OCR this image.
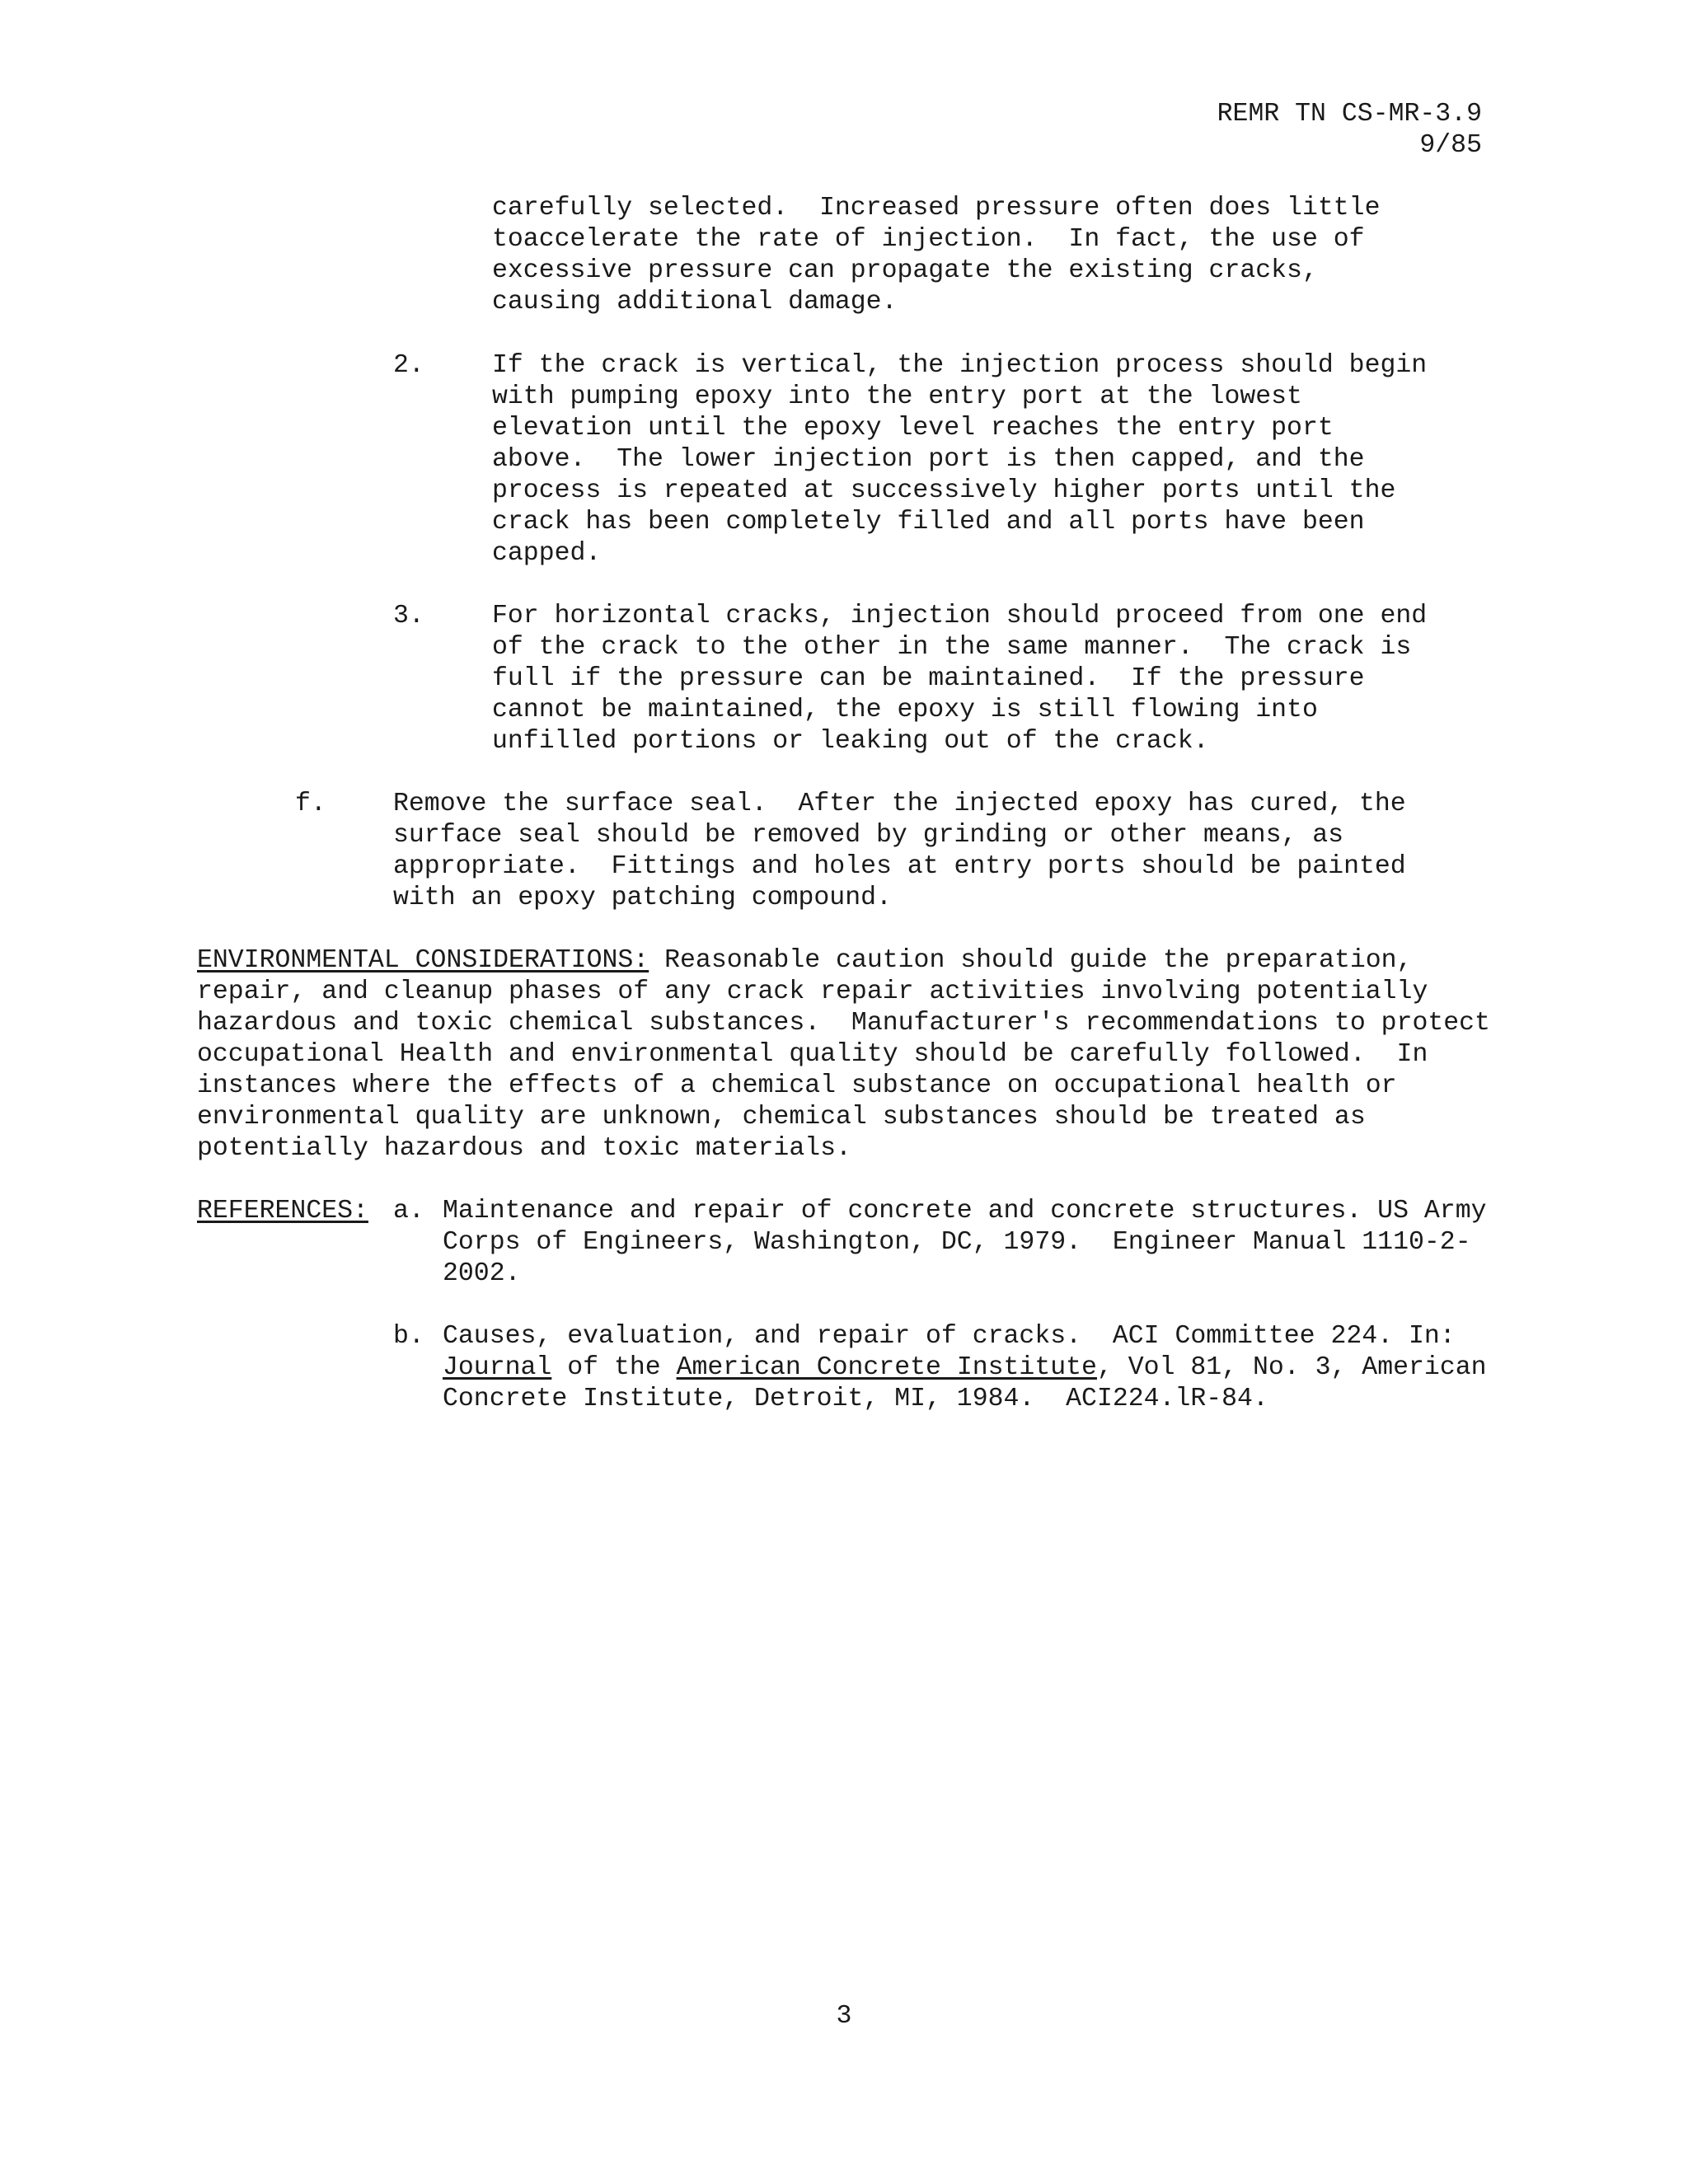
REMR TN CS-MR-3.9
9/85
carefully selected.  Increased pressure often does little
toaccelerate the rate of injection.  In fact, the use of
excessive pressure can propagate the existing cracks,
causing additional damage.
2.	If the crack is vertical, the injection process should begin
with pumping epoxy into the entry port at the lowest
elevation until the epoxy level reaches the entry port
above.  The lower injection port is then capped, and the
process is repeated at successively higher ports until the
crack has been completely filled and all ports have been
capped.
3.	For horizontal cracks, injection should proceed from one end
of the crack to the other in the same manner.  The crack is
full if the pressure can be maintained.  If the pressure
cannot be maintained, the epoxy is still flowing into
unfilled portions or leaking out of the crack.
f.	Remove the surface seal.  After the injected epoxy has cured, the
surface seal should be removed by grinding or other means, as
appropriate.  Fittings and holes at entry ports should be painted
with an epoxy patching compound.
ENVIRONMENTAL CONSIDERATIONS: Reasonable caution should guide the preparation,
repair, and cleanup phases of any crack repair activities involving potentially
hazardous and toxic chemical substances.  Manufacturer's recommendations to protect
occupational Health and environmental quality should be carefully followed.  In
instances where the effects of a chemical substance on occupational health or
environmental quality are unknown, chemical substances should be treated as
potentially hazardous and toxic materials.
REFERENCES: a. Maintenance and repair of concrete and concrete structures. US Army
Corps of Engineers, Washington, DC, 1979.  Engineer Manual 1110-2-
2002.
b. Causes, evaluation, and repair of cracks.  ACI Committee 224. In:
Journal of the American Concrete Institute, Vol 81, No. 3, American
Concrete Institute, Detroit, MI, 1984.  ACI224.lR-84.
3
